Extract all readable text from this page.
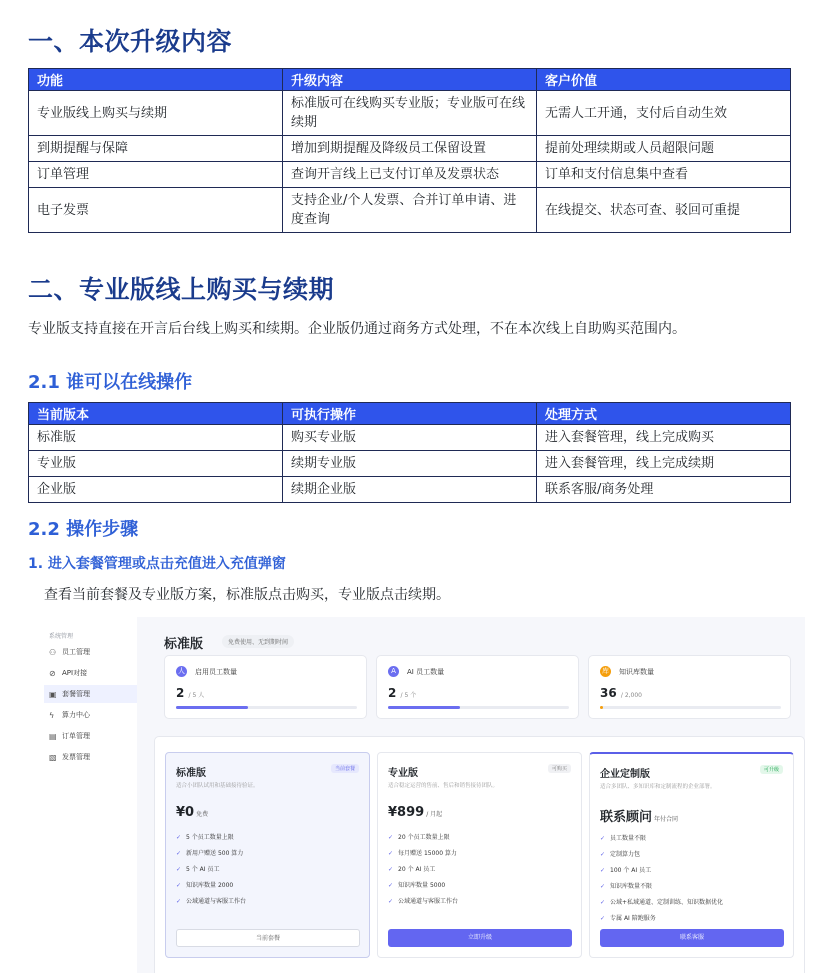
一、本次升级内容
功能	升级内容	客户价值
专业版线上购买与续期	标准版可在线购买专业版；专业版可在线续期	无需人工开通，支付后自动生效
到期提醒与保障	增加到期提醒及降级员工保留设置	提前处理续期或人员超限问题
订单管理	查询开言线上已支付订单及发票状态	订单和支付信息集中查看
电子发票	支持企业/个人发票、合并订单申请、进度查询	在线提交、状态可查、驳回可重提
二、专业版线上购买与续期
专业版支持直接在开言后台线上购买和续期。企业版仍通过商务方式处理，不在本次线上自助购买范围内。
2.1 谁可以在线操作
当前版本	可执行操作	处理方式
标准版	购买专业版	进入套餐管理，线上完成购买
专业版	续期专业版	进入套餐管理，线上完成续期
企业版	续期企业版	联系客服/商务处理
2.2 操作步骤
1. 进入套餐管理或点击充值进入充值弹窗
查看当前套餐及专业版方案，标准版点击购买，专业版点击续期。
系统管理
⚇ 员工管理
⊘ API对接
▣ 套餐管理
ϟ	算力中心
▤ 订单管理
▧ 发票管理
标准版	免费使用、无到期时间
人 启用员工数量
2 / 5 人
A	AI 员工数量
2 / 5 个
库 知识库数量
36 / 2,000
标准版	当前套餐
适合小团队试用和基础接待验证。
¥0 免费
✓ 5 个员工数量上限
✓ 新用户赠送 500 算力
✓ 5 个 AI 员工
✓ 知识库数量 2000
✓ 公域通道与客服工作台
当前套餐
专业版	可购买
适合稳定运营的售前、售后和销售接待团队。
¥899 / 月起
✓ 20 个员工数量上限
✓ 每月赠送 15000 算力
✓ 20 个 AI 员工
✓ 知识库数量 5000
✓ 公域通道与客服工作台
立即升级
企业定制版	可升级
适合多团队、多知识库和定制流程的企业部署。
联系顾问 年付合同
✓ 员工数量不限
✓ 定制算力包
✓ 100 个 AI 员工
✓ 知识库数量不限
✓ 公域+私域通道、定制训练、知识数据优化
✓ 专属 AI 陪跑服务
联系客服
